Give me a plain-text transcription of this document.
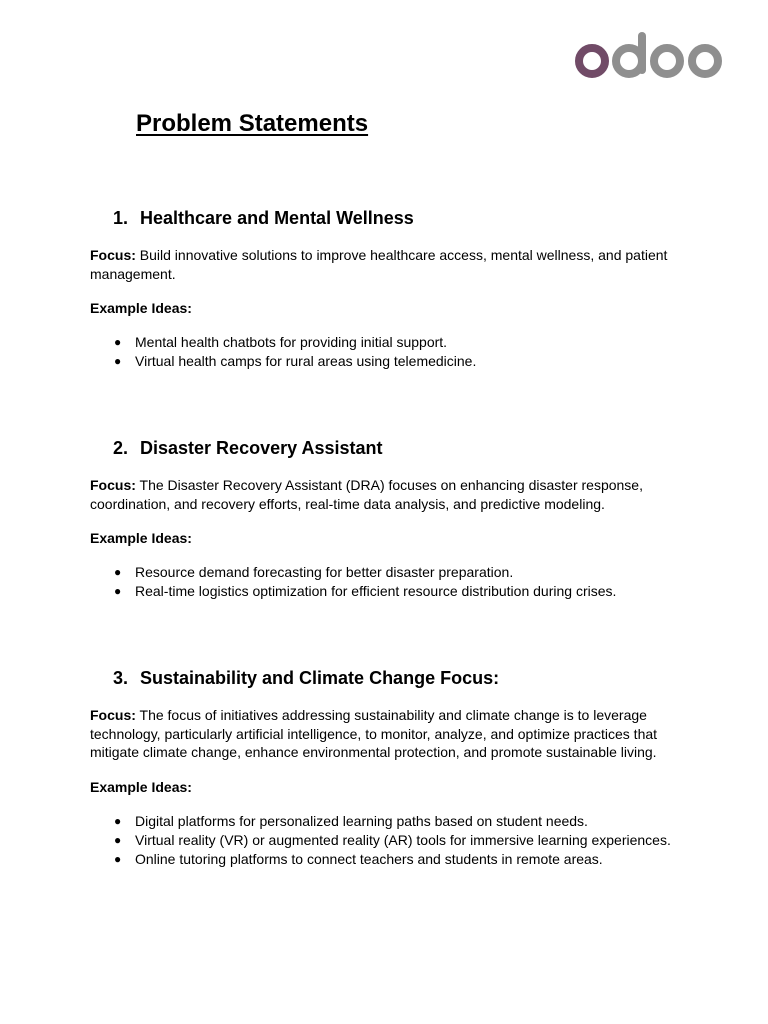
Problem Statements
1. Healthcare and Mental Wellness

Focus: Build innovative solutions to improve healthcare access, mental wellness, and patient management.

Example Ideas:

● Mental health chatbots for providing initial support.
● Virtual health camps for rural areas using telemedicine.
2. Disaster Recovery Assistant

Focus: The Disaster Recovery Assistant (DRA) focuses on enhancing disaster response, coordination, and recovery efforts, real-time data analysis, and predictive modeling.

Example Ideas:

● Resource demand forecasting for better disaster preparation.
● Real-time logistics optimization for efficient resource distribution during crises.
3. Sustainability and Climate Change Focus:

Focus: The focus of initiatives addressing sustainability and climate change is to leverage technology, particularly artificial intelligence, to monitor, analyze, and optimize practices that mitigate climate change, enhance environmental protection, and promote sustainable living.

Example Ideas:

● Digital platforms for personalized learning paths based on student needs.
● Virtual reality (VR) or augmented reality (AR) tools for immersive learning experiences.
● Online tutoring platforms to connect teachers and students in remote areas.
